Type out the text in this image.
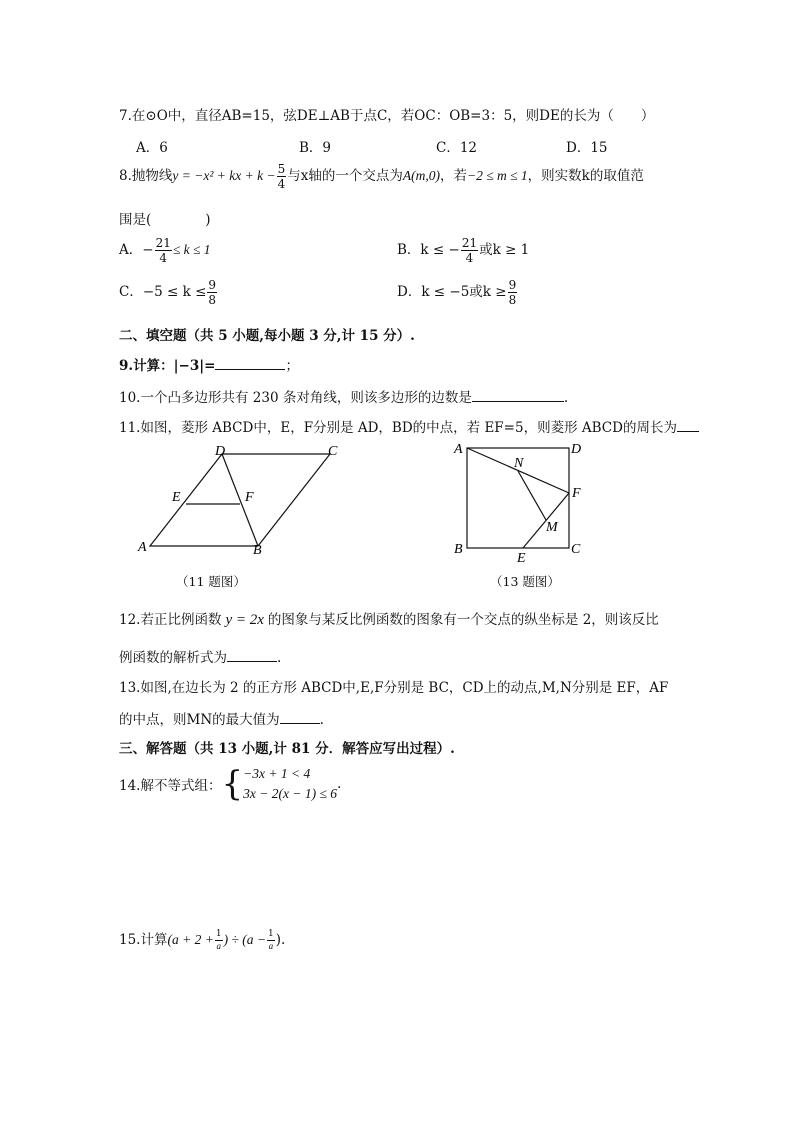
7.在⊙O中，直径AB=15，弦DE⊥AB于点C，若OC：OB=3：5，则DE的长为（　　）
A．6	B．9	C．12	D．15
8.抛物线y = −x² + kx + $k - \frac{5}{4}$ 与x轴的一个交点为A(m,0)，若−2 ≤ m ≤ 1，则实数k的取值范
围是(　　　　)
A．− $\frac{21}{4} \le k \le 1$	B．k ≤ − $\frac{21}{4}$ 或k ≥ 1
C．$-5 \le k \le \frac{9}{8}$	D．k ≤ −5或$k \ge \frac{9}{8}$
二、填空题（共 5 小题,每小题 3 分,计 15 分）.
9.计算：|−3|=	；
10.一个凸多边形共有 230 条对角线，则该多边形的边数是	.
11.如图，菱形 ABCD中，E，F分别是 AD，BD的中点，若 EF=5，则菱形 ABCD的周长为
A	B
C
D
E	F
（11 题图）
A
B	C
D
E
F
M
N
（13 题图）
12.若正比例函数 y = 2x 的图象与某反比例函数的图象有一个交点的纵坐标是 2，则该反比
例函数的解析式为	.
13.如图,在边长为 2 的正方形 ABCD中,E,F分别是 BC，CD上的动点,M,N分别是 EF，AF
的中点，则MN的最大值为	.
三、解答题（共 13 小题,计 81 分．解答应写出过程）.
14.解不等式组：{ −3x + 1 < 4
3x − 2(x − 1) ≤ 6
.
15.计算($a + 2 + \frac{1}{a}$ ) ÷ ($a - \frac{1}{a}$ ).
